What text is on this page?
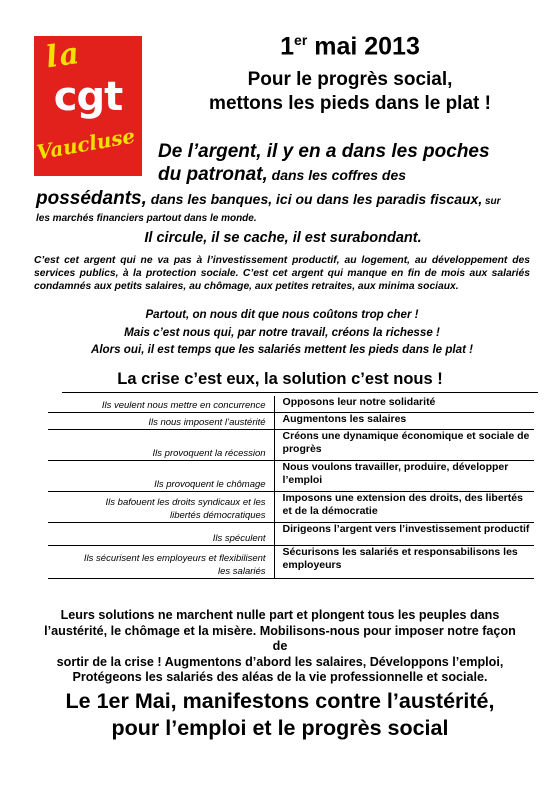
la
cgt
Vaucluse
1er mai 2013
Pour le progrès social,
mettons les pieds dans le plat !
De l’argent, il y en a dans les poches
du patronat, dans les coffres des
possédants, dans les banques, ici ou dans les paradis fiscaux, sur
les marchés financiers partout dans le monde.
Il circule, il se cache, il est surabondant.
C’est cet argent qui ne va pas à l’investissement productif, au logement, au développement des services publics, à la protection sociale. C’est cet argent qui manque en fin de mois aux salariés condamnés aux petits salaires, au chômage, aux petites retraites, aux minima sociaux.
Partout, on nous dit que nous coûtons trop cher !
Mais c’est nous qui, par notre travail, créons la richesse !
Alors oui, il est temps que les salariés mettent les pieds dans le plat !
La crise c’est eux, la solution c’est nous !
Ils veulent nous mettre en concurrence Opposons leur notre solidarité
Ils nous imposent l’austérité Augmentons les salaires
Ils provoquent la récession
Créons une dynamique économique et sociale de
progrès
Ils provoquent le chômage
Nous voulons travailler, produire, développer
l’emploi
Ils bafouent les droits syndicaux et les
libertés démocratiques
Imposons une extension des droits, des libertés
et de la démocratie
Ils spéculent
Dirigeons l’argent vers l’investissement productif
Ils sécurisent les employeurs et flexibilisent
les salariés
Sécurisons les salariés et responsabilisons les
employeurs
Leurs solutions ne marchent nulle part et plongent tous les peuples dans
l’austérité, le chômage et la misère. Mobilisons-nous pour imposer notre façon de
sortir de la crise ! Augmentons d’abord les salaires, Développons l’emploi,
Protégeons les salariés des aléas de la vie professionnelle et sociale.
Le 1er Mai, manifestons contre l’austérité,
pour l’emploi et le progrès social
